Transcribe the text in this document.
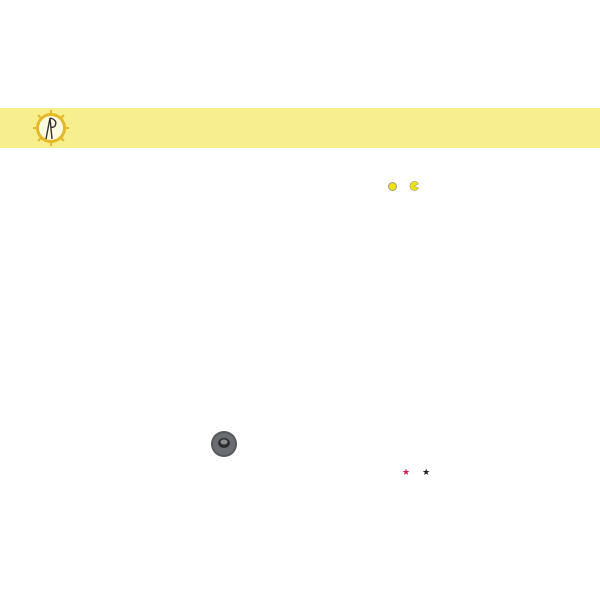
★ ★
